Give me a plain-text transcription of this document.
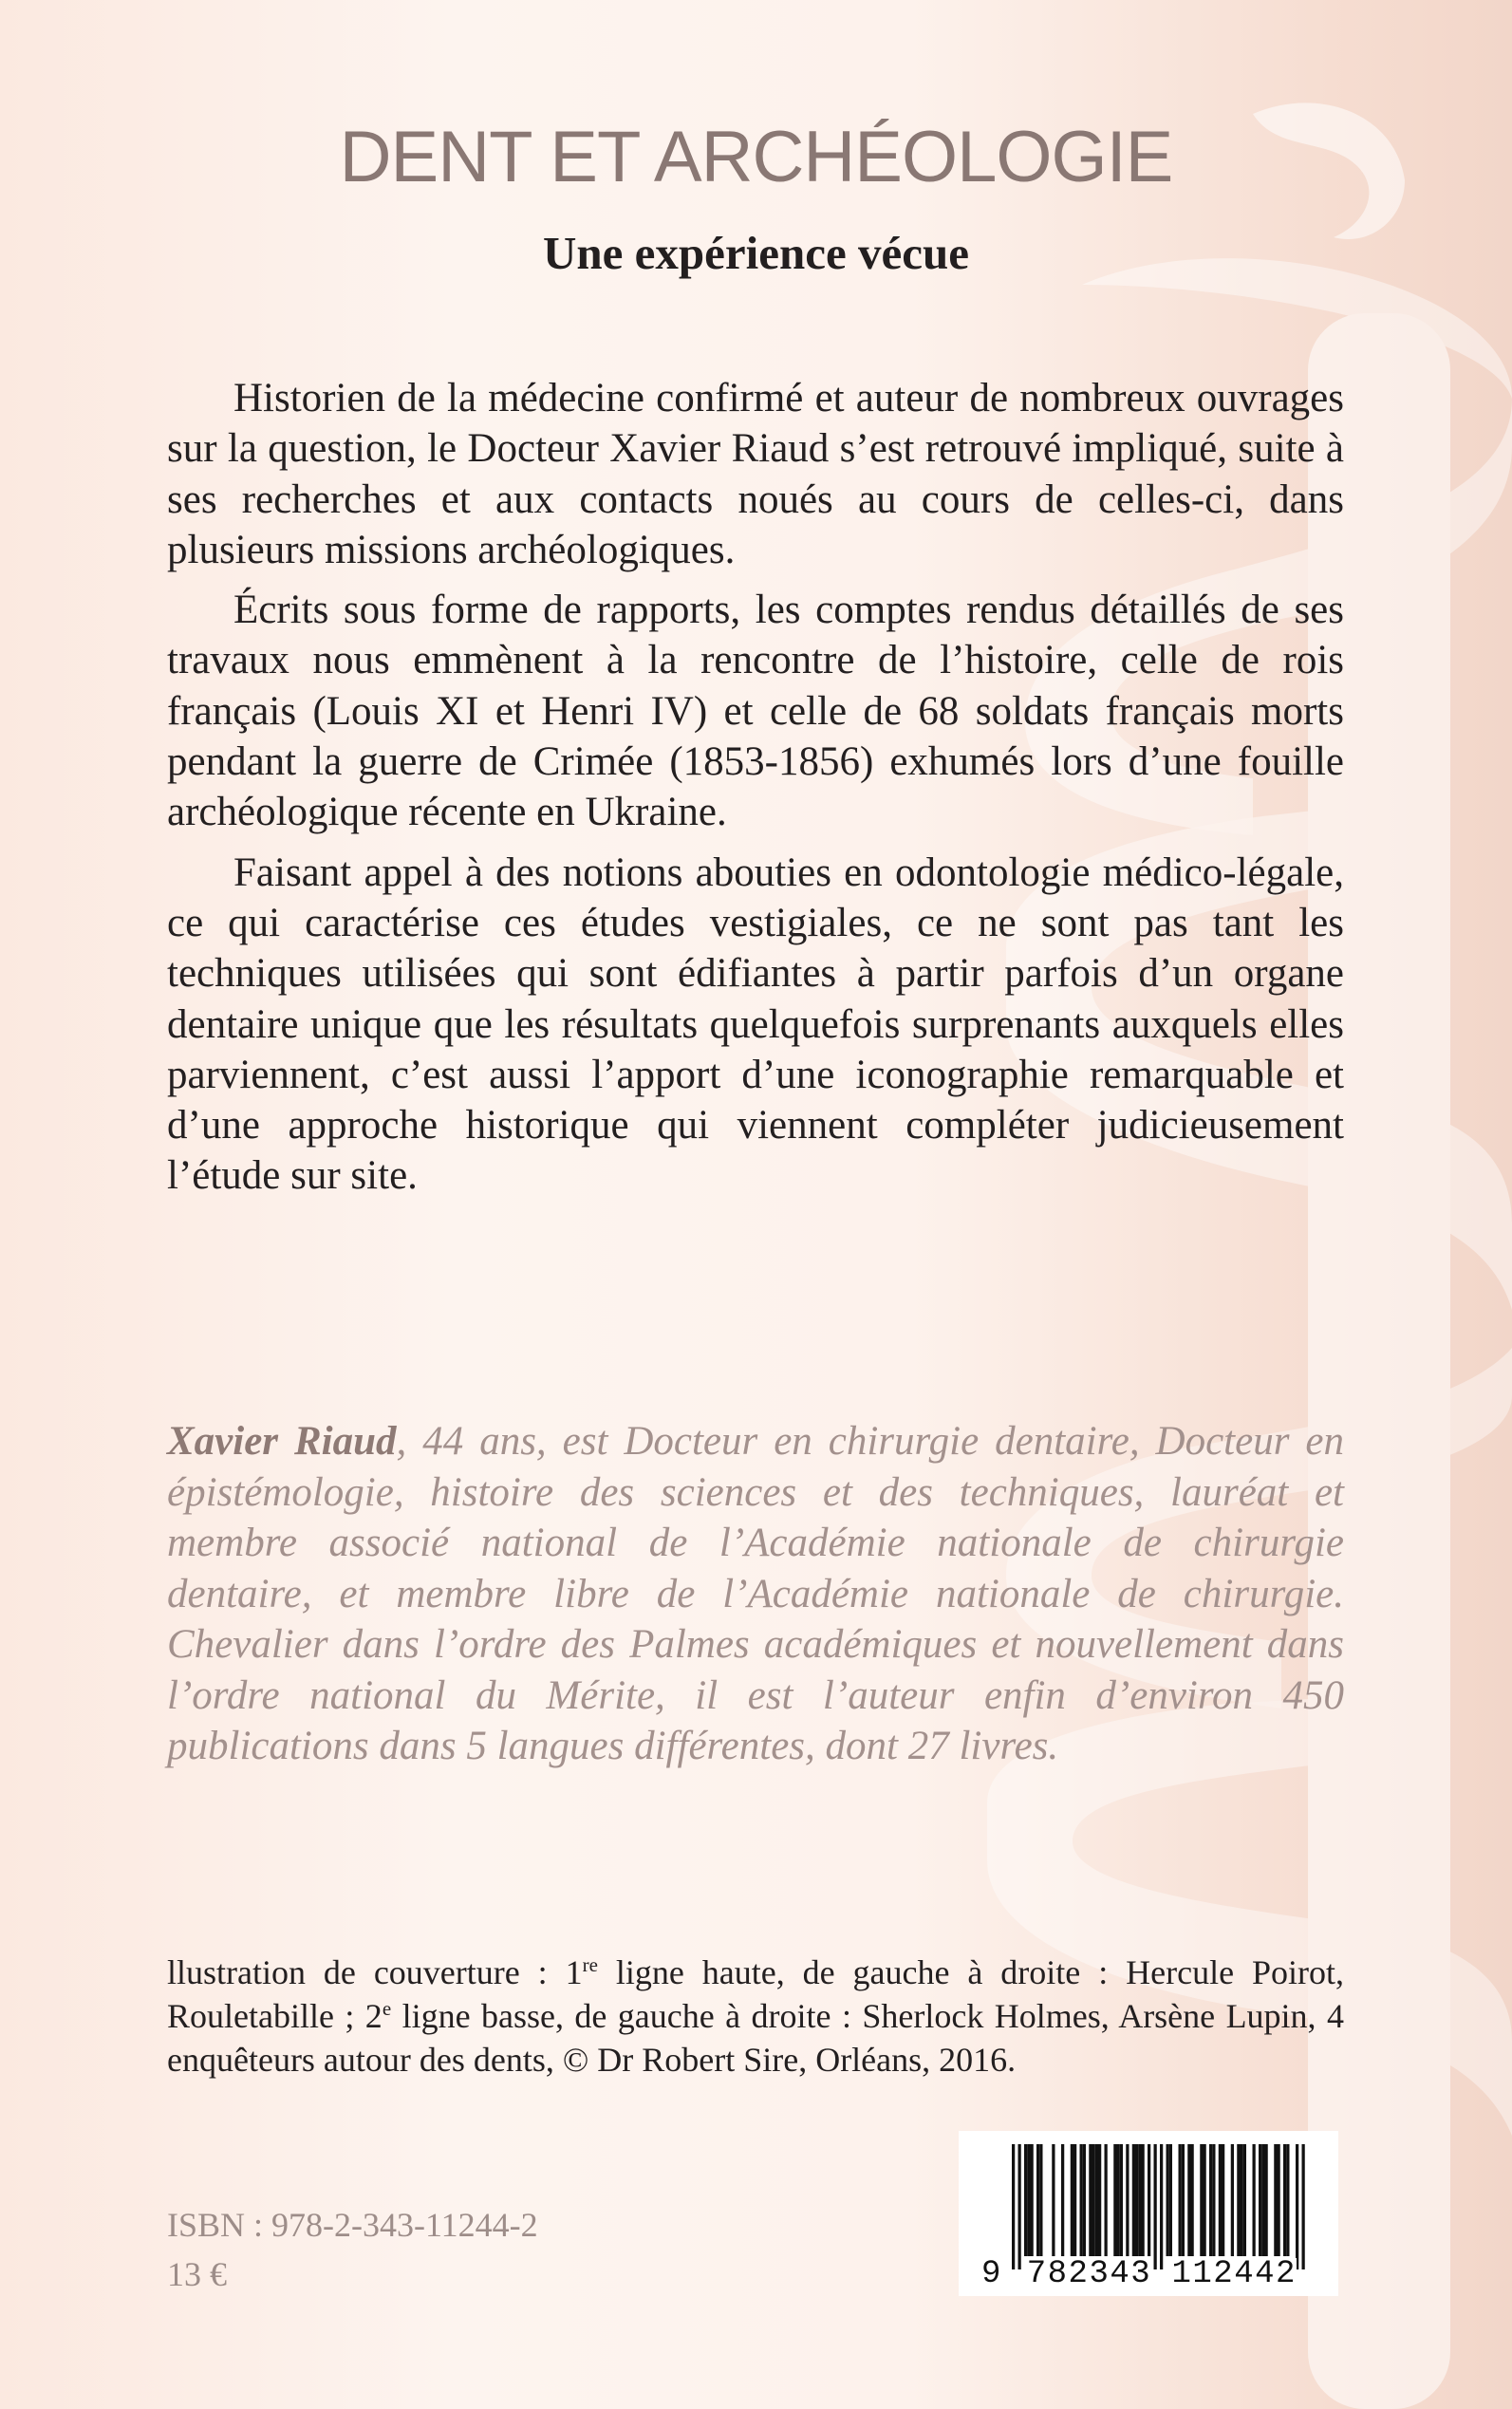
DENT ET ARCHÉOLOGIE
Une expérience vécue

Historien de la médecine confirmé et auteur de nombreux ouvrages sur la question, le Docteur Xavier Riaud s’est retrouvé impliqué, suite à ses recherches et aux contacts noués au cours de celles-ci, dans plusieurs missions archéologiques.

Écrits sous forme de rapports, les comptes rendus détaillés de ses travaux nous emmènent à la rencontre de l’histoire, celle de rois français (Louis XI et Henri IV) et celle de 68 soldats français morts pendant la guerre de Crimée (1853-1856) exhumés lors d’une fouille archéologique récente en Ukraine.

Faisant appel à des notions abouties en odontologie médico-légale, ce qui caractérise ces études vestigiales, ce ne sont pas tant les techniques utilisées qui sont édifiantes à partir parfois d’un organe dentaire unique que les résultats quelquefois surprenants auxquels elles parviennent, c’est aussi l’apport d’une iconographie remarquable et d’une approche historique qui viennent compléter judicieusement l’étude sur site.

Xavier Riaud, 44 ans, est Docteur en chirurgie dentaire, Docteur en épistémologie, histoire des sciences et des techniques, lauréat et membre associé national de l’Académie nationale de chirurgie dentaire, et membre libre de l’Académie nationale de chirurgie. Chevalier dans l’ordre des Palmes académiques et nouvellement dans l’ordre national du Mérite, il est l’auteur enfin d’environ 450 publications dans 5 langues différentes, dont 27 livres.

llustration de couverture : 1re ligne haute, de gauche à droite : Hercule Poirot, Rouletabille ; 2e ligne basse, de gauche à droite : Sherlock Holmes, Arsène Lupin, 4 enquêteurs autour des dents, © Dr Robert Sire, Orléans, 2016.

ISBN : 978-2-343-11244-2
13 €	9 782343 112442
